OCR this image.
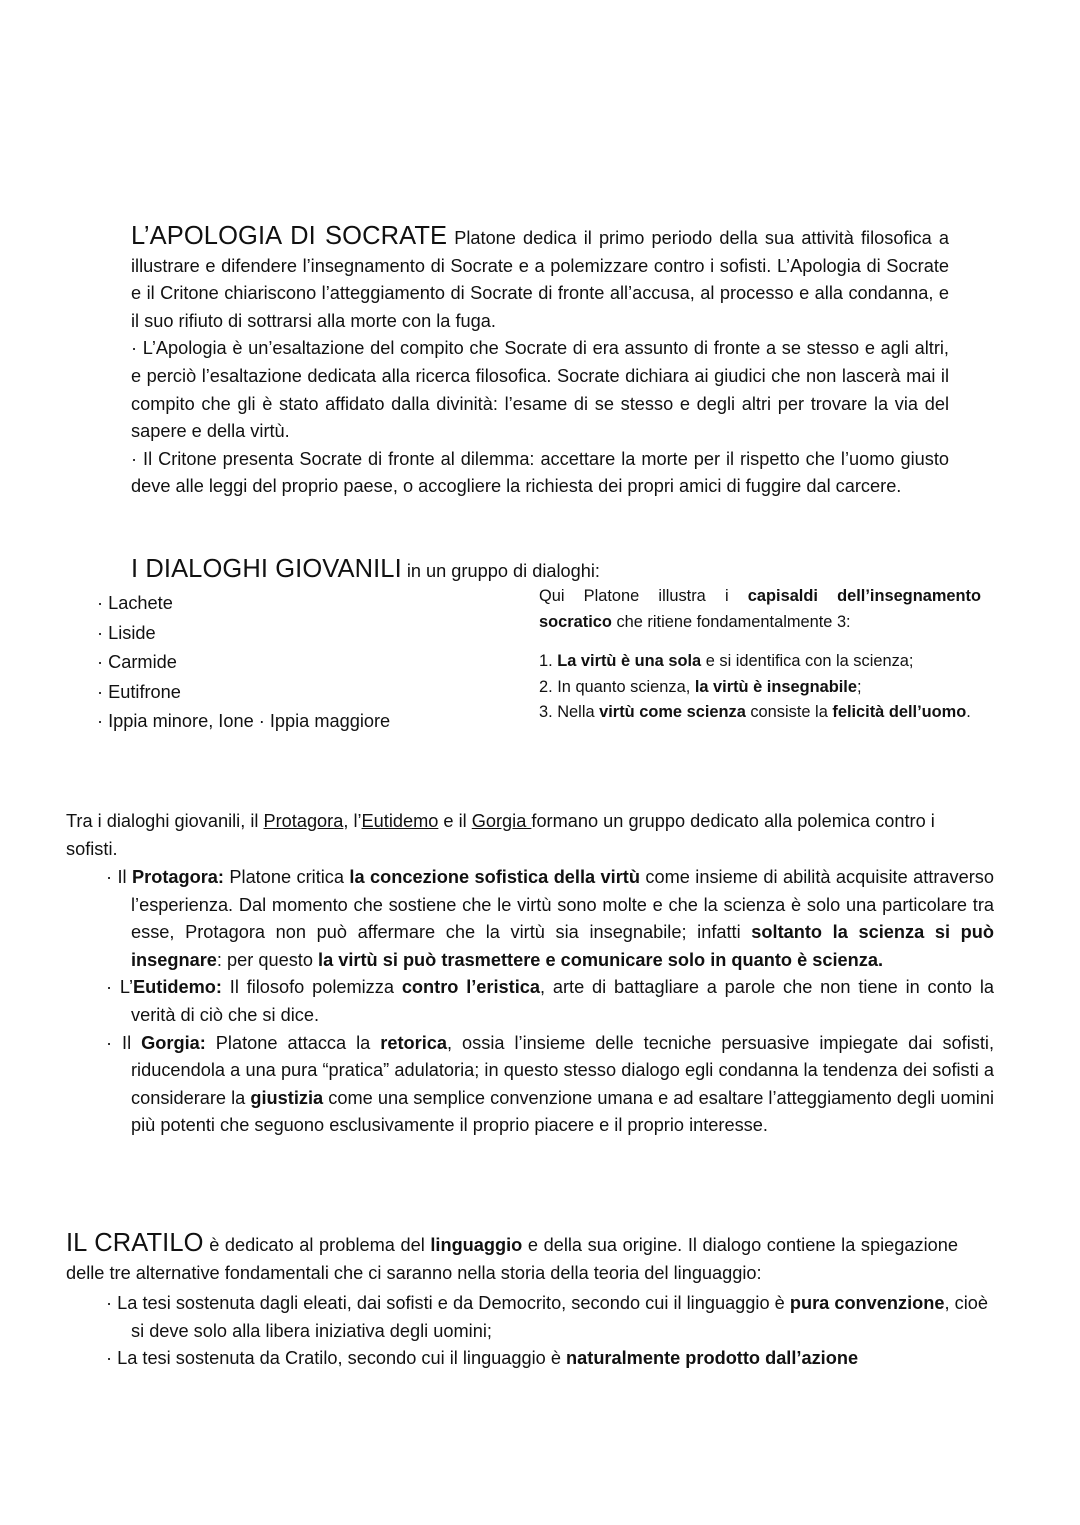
L’APOLOGIA DI SOCRATE Platone dedica il primo periodo della sua attività filosofica a illustrare e difendere l’insegnamento di Socrate e a polemizzare contro i sofisti. L’Apologia di Socrate e il Critone chiariscono l’atteggiamento di Socrate di fronte all’accusa, al processo e alla condanna, e il suo rifiuto di sottrarsi alla morte con la fuga.

· L’Apologia è un’esaltazione del compito che Socrate di era assunto di fronte a se stesso e agli altri, e perciò l’esaltazione dedicata alla ricerca filosofica. Socrate dichiara ai giudici che non lascerà mai il compito che gli è stato affidato dalla divinità: l’esame di se stesso e degli altri per trovare la via del sapere e della virtù.

· Il Critone presenta Socrate di fronte al dilemma: accettare la morte per il rispetto che l’uomo giusto deve alle leggi del proprio paese, o accogliere la richiesta dei propri amici di fuggire dal carcere.

I DIALOGHI GIOVANILI in un gruppo di dialoghi:
· Lachete
· Liside
· Carmide
· Eutifrone
· Ippia minore, Ione · Ippia maggiore
Qui Platone illustra i capisaldi dell’insegnamento socratico che ritiene fondamentalmente 3:

1. La virtù è una sola e si identifica con la scienza;

2. In quanto scienza, la virtù è insegnabile;

3. Nella virtù come scienza consiste la felicità dell’uomo.

Tra i dialoghi giovanili, il Protagora, l’Eutidemo e il Gorgia formano un gruppo dedicato alla polemica contro i sofisti.

· Il Protagora: Platone critica la concezione sofistica della virtù come insieme di abilità acquisite attraverso l’esperienza. Dal momento che sostiene che le virtù sono molte e che la scienza è solo una particolare tra esse, Protagora non può affermare che la virtù sia insegnabile; infatti soltanto la scienza si può insegnare: per questo la virtù si può trasmettere e comunicare solo in quanto è scienza.

· L’Eutidemo: Il filosofo polemizza contro l’eristica, arte di battagliare a parole che non tiene in conto la verità di ciò che si dice.

· Il Gorgia: Platone attacca la retorica, ossia l’insieme delle tecniche persuasive impiegate dai sofisti, riducendola a una pura “pratica” adulatoria; in questo stesso dialogo egli condanna la tendenza dei sofisti a considerare la giustizia come una semplice convenzione umana e ad esaltare l’atteggiamento degli uomini più potenti che seguono esclusivamente il proprio piacere e il proprio interesse.

IL CRATILO è dedicato al problema del linguaggio e della sua origine. Il dialogo contiene la spiegazione delle tre alternative fondamentali che ci saranno nella storia della teoria del linguaggio:

· La tesi sostenuta dagli eleati, dai sofisti e da Democrito, secondo cui il linguaggio è pura convenzione, cioè si deve solo alla libera iniziativa degli uomini;

· La tesi sostenuta da Cratilo, secondo cui il linguaggio è naturalmente prodotto dall’azione
